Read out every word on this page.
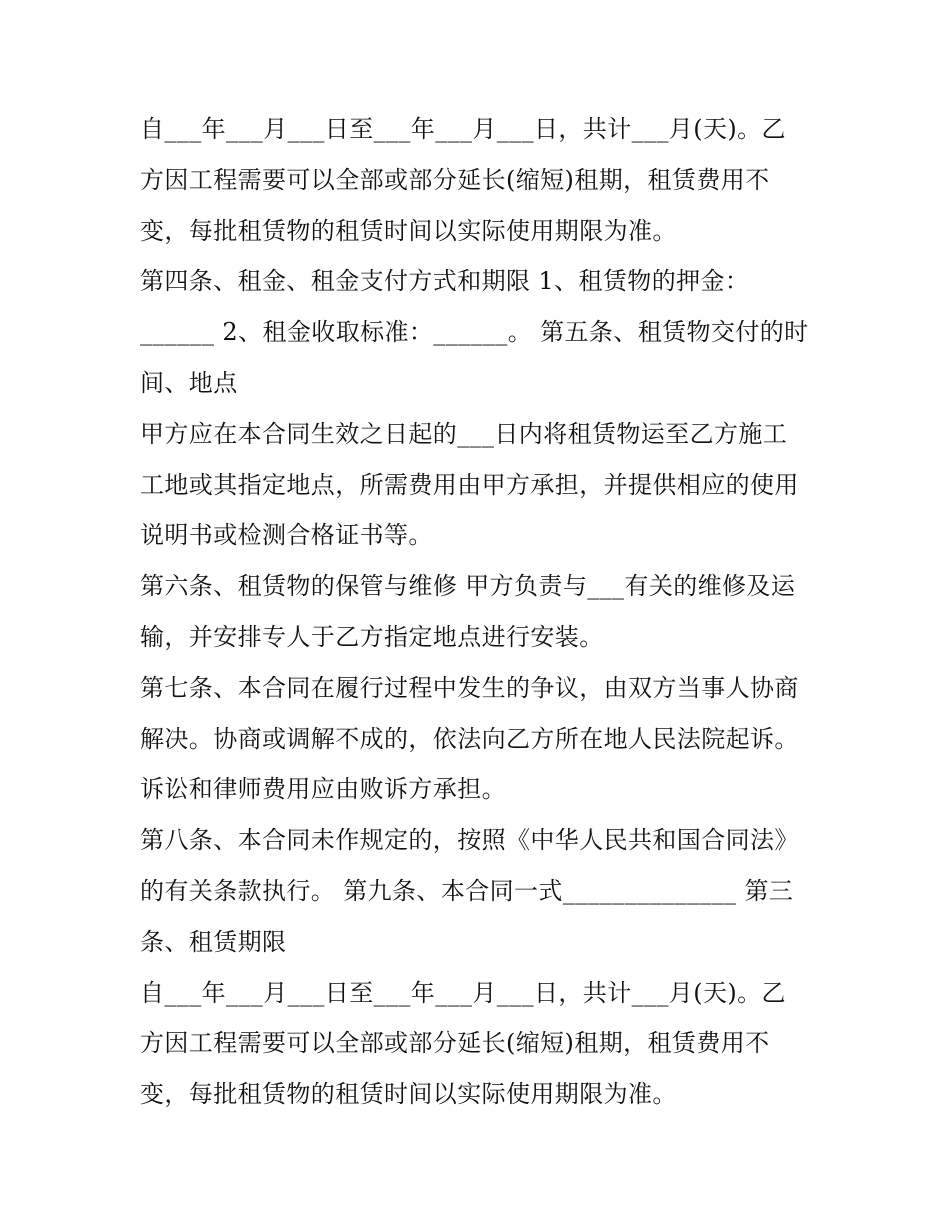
自___年___月___日至___年___月___日，共计___月(天)。乙
方因工程需要可以全部或部分延长(缩短)租期，租赁费用不
变，每批租赁物的租赁时间以实际使用期限为准。
第四条、租金、租金支付方式和期限 1、租赁物的押金：
______ 2、租金收取标准：______。 第五条、租赁物交付的时
间、地点
甲方应在本合同生效之日起的___日内将租赁物运至乙方施工
工地或其指定地点，所需费用由甲方承担，并提供相应的使用
说明书或检测合格证书等。
第六条、租赁物的保管与维修 甲方负责与___有关的维修及运
输，并安排专人于乙方指定地点进行安装。
第七条、本合同在履行过程中发生的争议，由双方当事人协商
解决。协商或调解不成的，依法向乙方所在地人民法院起诉。
诉讼和律师费用应由败诉方承担。
第八条、本合同未作规定的，按照《中华人民共和国合同法》
的有关条款执行。 第九条、本合同一式______________ 第三
条、租赁期限
自___年___月___日至___年___月___日，共计___月(天)。乙
方因工程需要可以全部或部分延长(缩短)租期，租赁费用不
变，每批租赁物的租赁时间以实际使用期限为准。
